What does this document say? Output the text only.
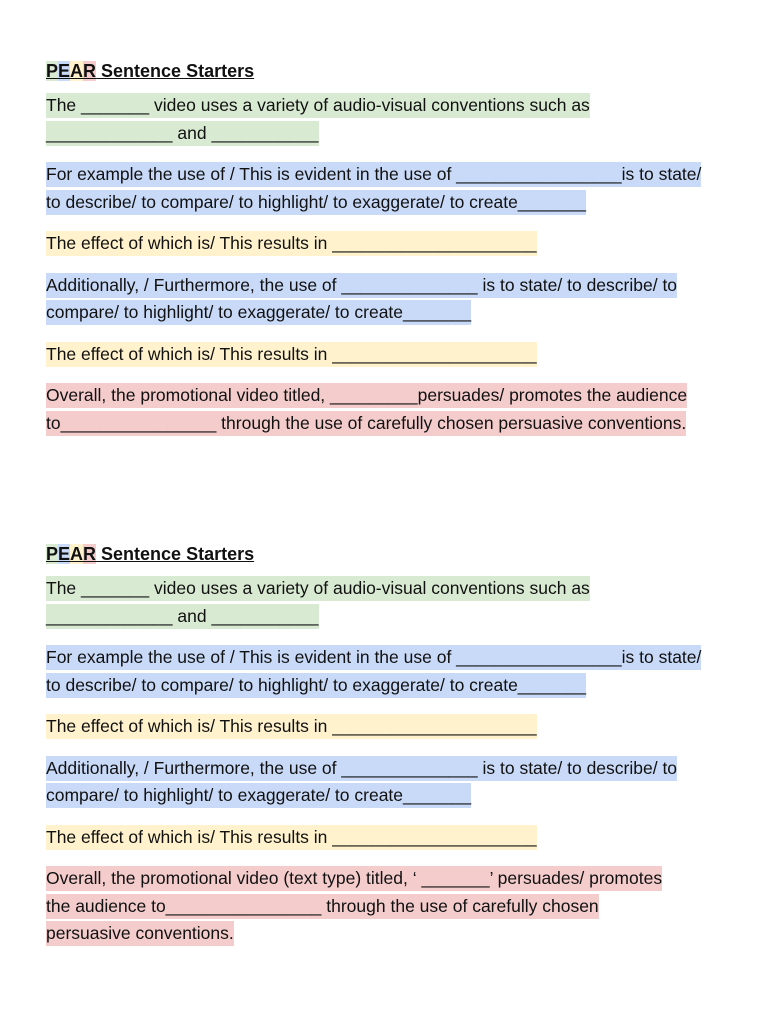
PEAR Sentence Starters
The _______ video uses a variety of audio-visual conventions such as _____________ and ___________
For example the use of / This is evident in the use of _________________is to state/ to describe/ to compare/ to highlight/ to exaggerate/ to create_______
The effect of which is/ This results in _____________________
Additionally, / Furthermore, the use of ______________ is to state/ to describe/ to compare/ to highlight/ to exaggerate/ to create_______
The effect of which is/ This results in _____________________
Overall, the promotional video titled, _________persuades/ promotes the audience to________________ through the use of carefully chosen persuasive conventions.
PEAR Sentence Starters
The _______ video uses a variety of audio-visual conventions such as _____________ and ___________
For example the use of / This is evident in the use of _________________is to state/ to describe/ to compare/ to highlight/ to exaggerate/ to create_______
The effect of which is/ This results in _____________________
Additionally, / Furthermore, the use of ______________ is to state/ to describe/ to compare/ to highlight/ to exaggerate/ to create_______
The effect of which is/ This results in _____________________
Overall, the promotional video (text type) titled, ‘ _______’ persuades/ promotes the audience to________________ through the use of carefully chosen persuasive conventions.
